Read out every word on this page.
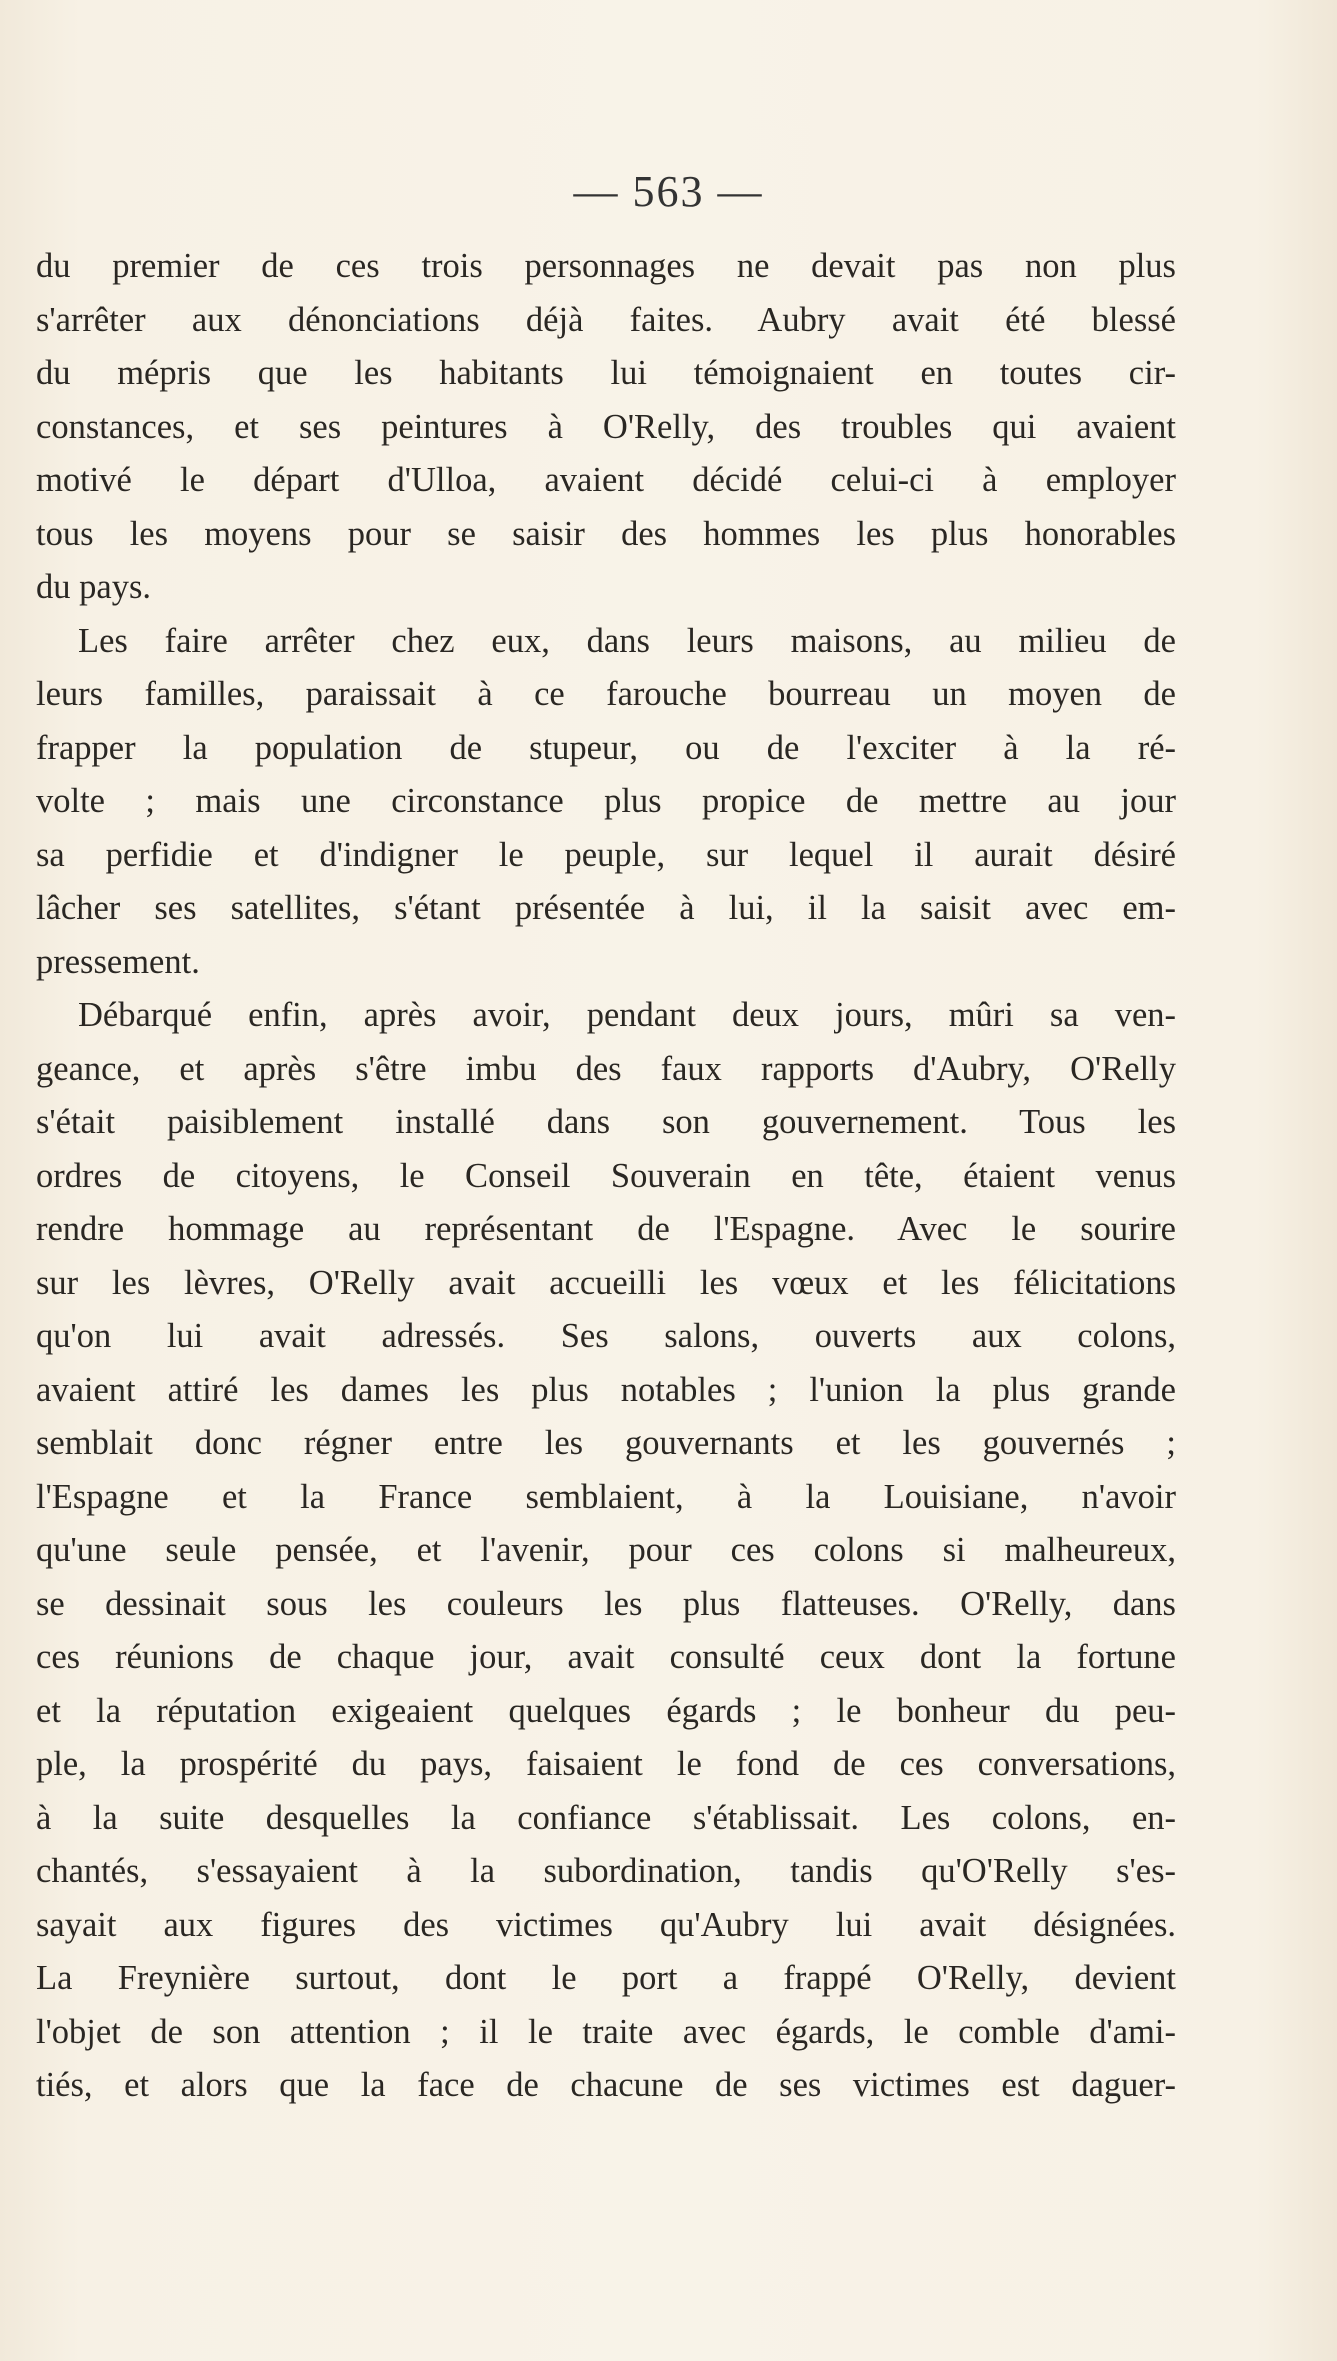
— 563 —
du premier de ces trois personnages ne devait pas non plus
s'arrêter aux dénonciations déjà faites. Aubry avait été blessé
du mépris que les habitants lui témoignaient en toutes cir-
constances, et ses peintures à O'Relly, des troubles qui avaient
motivé le départ d'Ulloa, avaient décidé celui-ci à employer
tous les moyens pour se saisir des hommes les plus honorables
du pays.
Les faire arrêter chez eux, dans leurs maisons, au milieu de
leurs familles, paraissait à ce farouche bourreau un moyen de
frapper la population de stupeur, ou de l'exciter à la ré-
volte ; mais une circonstance plus propice de mettre au jour
sa perfidie et d'indigner le peuple, sur lequel il aurait désiré
lâcher ses satellites, s'étant présentée à lui, il la saisit avec em-
pressement.
Débarqué enfin, après avoir, pendant deux jours, mûri sa ven-
geance, et après s'être imbu des faux rapports d'Aubry, O'Relly
s'était paisiblement installé dans son gouvernement. Tous les
ordres de citoyens, le Conseil Souverain en tête, étaient venus
rendre hommage au représentant de l'Espagne. Avec le sourire
sur les lèvres, O'Relly avait accueilli les vœux et les félicitations
qu'on lui avait adressés. Ses salons, ouverts aux colons,
avaient attiré les dames les plus notables ; l'union la plus grande
semblait donc régner entre les gouvernants et les gouvernés ;
l'Espagne et la France semblaient, à la Louisiane, n'avoir
qu'une seule pensée, et l'avenir, pour ces colons si malheureux,
se dessinait sous les couleurs les plus flatteuses. O'Relly, dans
ces réunions de chaque jour, avait consulté ceux dont la fortune
et la réputation exigeaient quelques égards ; le bonheur du peu-
ple, la prospérité du pays, faisaient le fond de ces conversations,
à la suite desquelles la confiance s'établissait. Les colons, en-
chantés, s'essayaient à la subordination, tandis qu'O'Relly s'es-
sayait aux figures des victimes qu'Aubry lui avait désignées.
La Freynière surtout, dont le port a frappé O'Relly, devient
l'objet de son attention ; il le traite avec égards, le comble d'ami-
tiés, et alors que la face de chacune de ses victimes est daguer-
